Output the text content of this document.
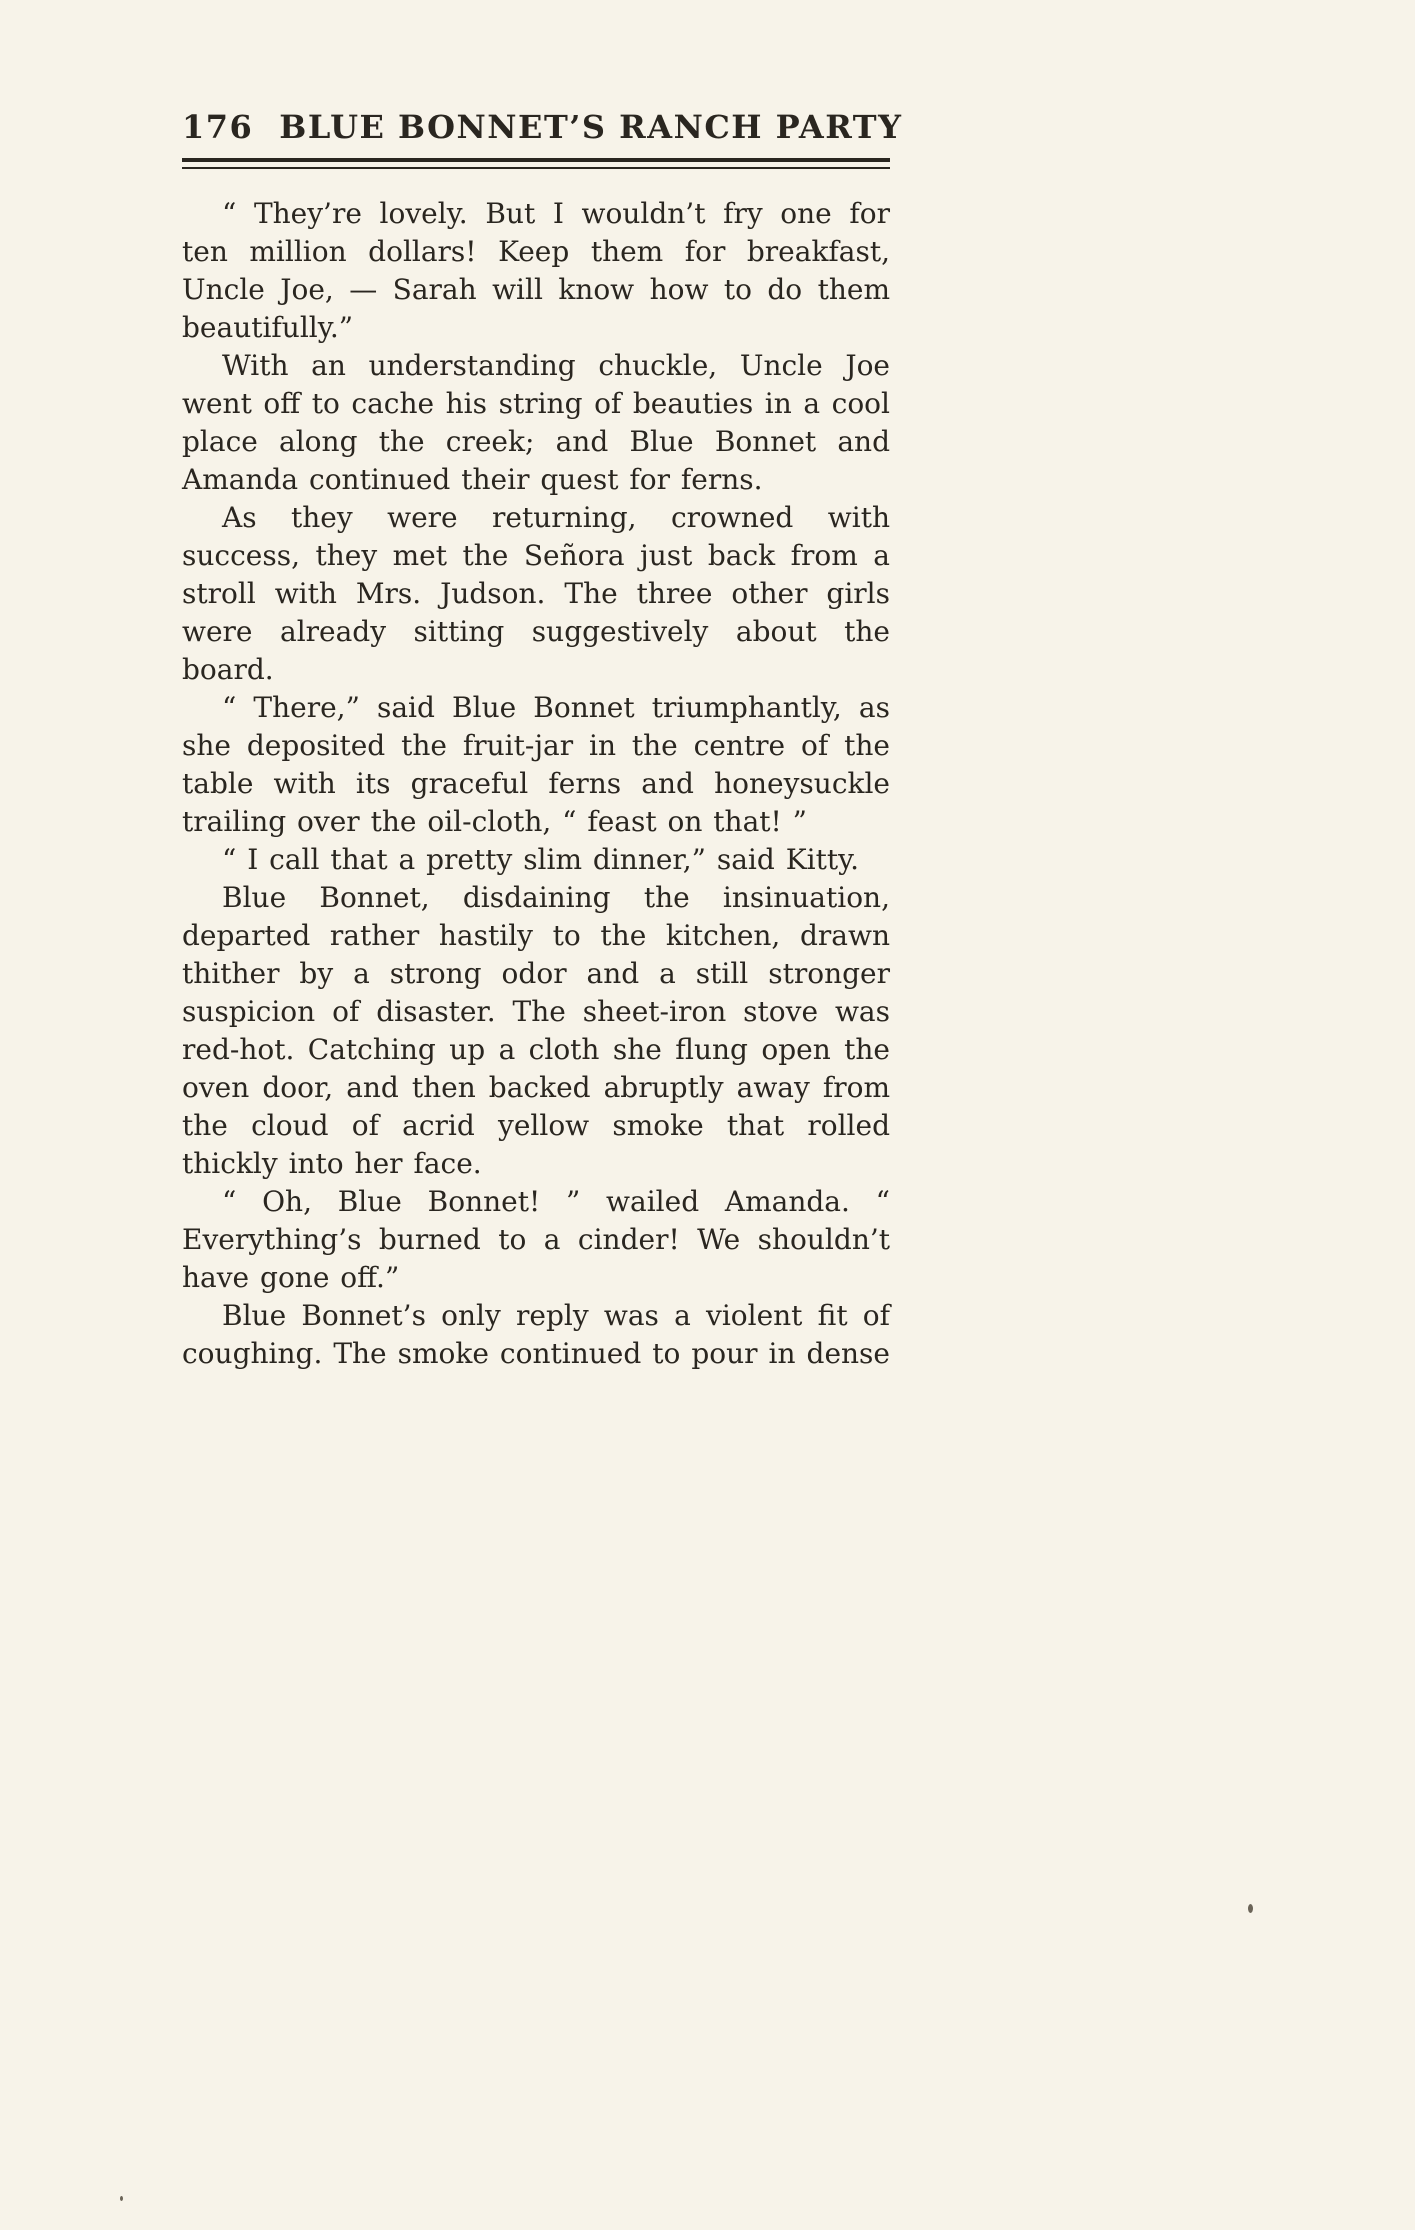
176 BLUE BONNET’S RANCH PARTY

“ They’re lovely. But I wouldn’t fry one for ten million dollars! Keep them for breakfast, Uncle Joe, — Sarah will know how to do them beautifully.”

With an understanding chuckle, Uncle Joe went off to cache his string of beauties in a cool place along the creek; and Blue Bonnet and Amanda continued their quest for ferns.

As they were returning, crowned with success, they met the Señora just back from a stroll with Mrs. Judson. The three other girls were already sitting suggestively about the board.

“ There,” said Blue Bonnet triumphantly, as she deposited the fruit-jar in the centre of the table with its graceful ferns and honeysuckle trailing over the oil-cloth, “ feast on that! ”

“ I call that a pretty slim dinner,” said Kitty.

Blue Bonnet, disdaining the insinuation, departed rather hastily to the kitchen, drawn thither by a strong odor and a still stronger suspicion of disaster. The sheet-iron stove was red-hot. Catching up a cloth she flung open the oven door, and then backed abruptly away from the cloud of acrid yellow smoke that rolled thickly into her face.

“ Oh, Blue Bonnet! ” wailed Amanda. “ Everything’s burned to a cinder! We shouldn’t have gone off.”

Blue Bonnet’s only reply was a violent fit of coughing. The smoke continued to pour in dense
